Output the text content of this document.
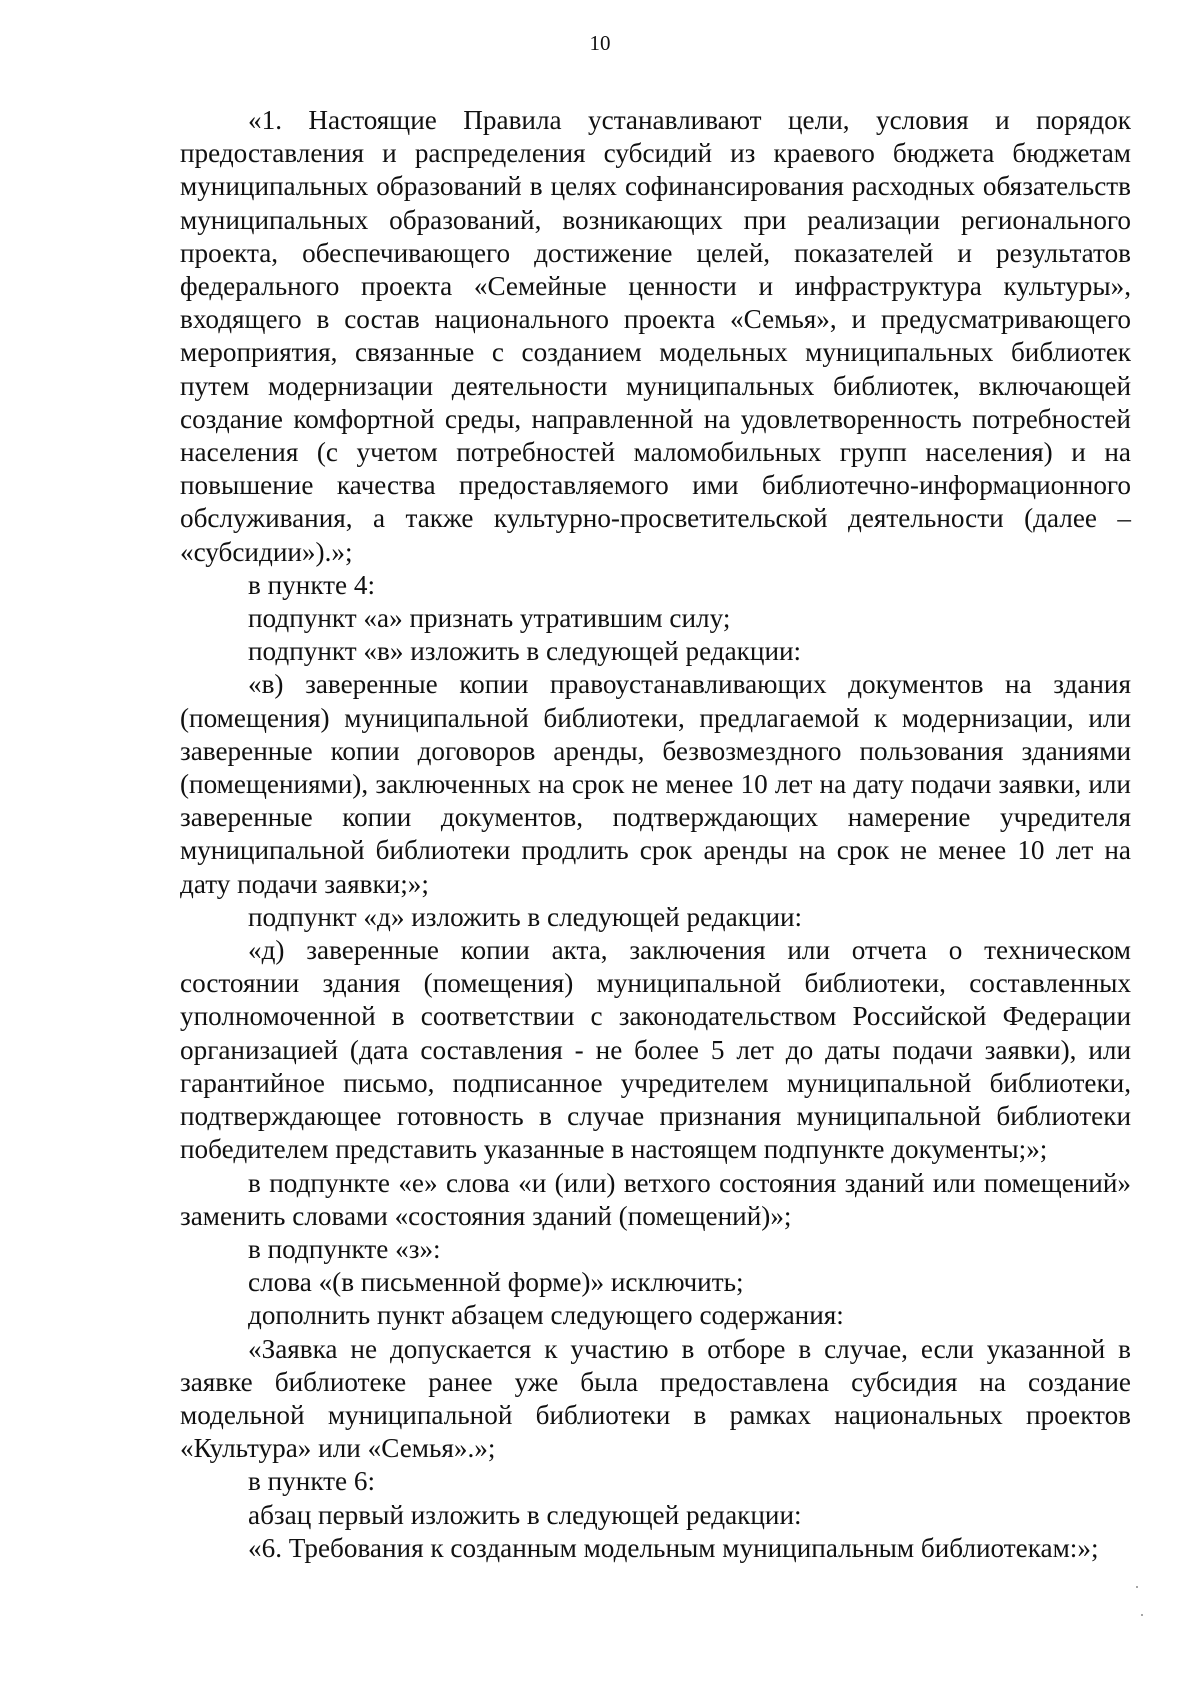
10

«1. Настоящие Правила устанавливают цели, условия и порядок предоставления и распределения субсидий из краевого бюджета бюджетам муниципальных образований в целях софинансирования расходных обязательств муниципальных образований, возникающих при реализации регионального проекта, обеспечивающего достижение целей, показателей и результатов федерального проекта «Семейные ценности и инфраструктура культуры», входящего в состав национального проекта «Семья», и предусматривающего мероприятия, связанные с созданием модельных муниципальных библиотек путем модернизации деятельности муниципальных библиотек, включающей создание комфортной среды, направленной на удовлетворенность потребностей населения (с учетом потребностей маломобильных групп населения) и на повышение качества предоставляемого ими библиотечно-информационного обслуживания, а также культурно-просветительской деятельности (далее – «субсидии»).»;

в пункте 4:

подпункт «а» признать утратившим силу;

подпункт «в» изложить в следующей редакции:

«в) заверенные копии правоустанавливающих документов на здания (помещения) муниципальной библиотеки, предлагаемой к модернизации, или заверенные копии договоров аренды, безвозмездного пользования зданиями (помещениями), заключенных на срок не менее 10 лет на дату подачи заявки, или заверенные копии документов, подтверждающих намерение учредителя муниципальной библиотеки продлить срок аренды на срок не менее 10 лет на дату подачи заявки;»;

подпункт «д» изложить в следующей редакции:

«д) заверенные копии акта, заключения или отчета о техническом состоянии здания (помещения) муниципальной библиотеки, составленных уполномоченной в соответствии с законодательством Российской Федерации организацией (дата составления - не более 5 лет до даты подачи заявки), или гарантийное письмо, подписанное учредителем муниципальной библиотеки, подтверждающее готовность в случае признания муниципальной библиотеки победителем представить указанные в настоящем подпункте документы;»;

в подпункте «е» слова «и (или) ветхого состояния зданий или помещений» заменить словами «состояния зданий (помещений)»;

в подпункте «з»:

слова «(в письменной форме)» исключить;

дополнить пункт абзацем следующего содержания:

«Заявка не допускается к участию в отборе в случае, если указанной в заявке библиотеке ранее уже была предоставлена субсидия на создание модельной муниципальной библиотеки в рамках национальных проектов «Культура» или «Семья».»;

в пункте 6:

абзац первый изложить в следующей редакции:

«6. Требования к созданным модельным муниципальным библиотекам:»;
